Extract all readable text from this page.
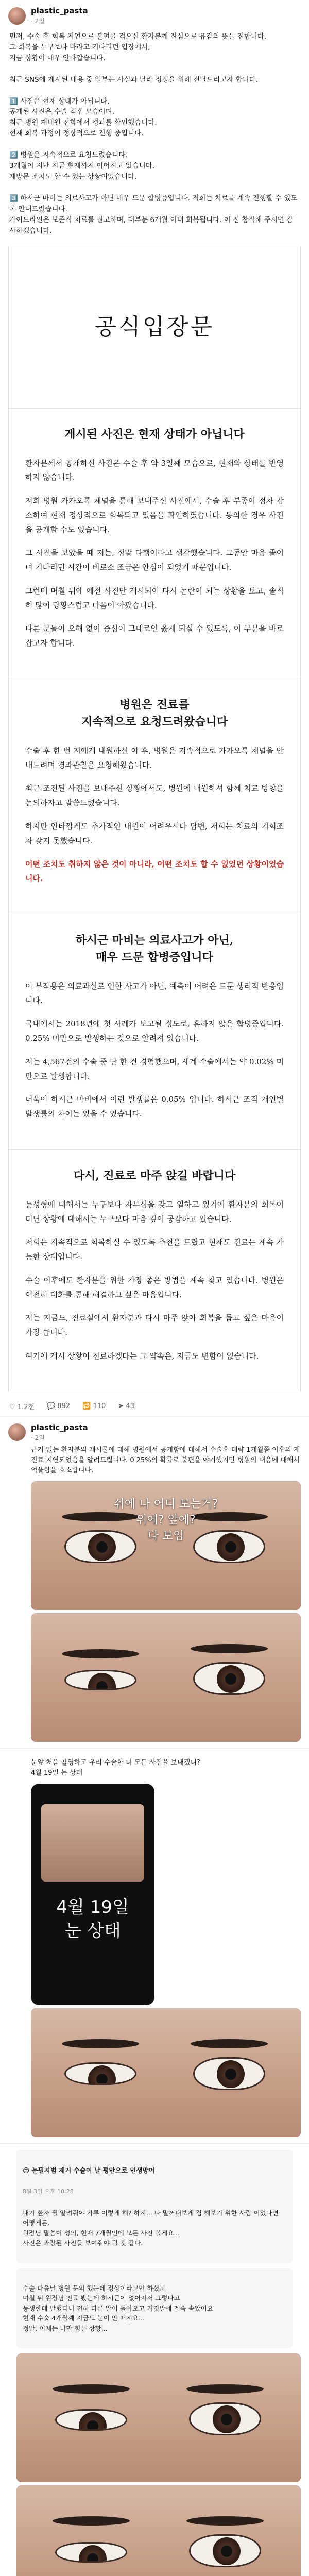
plastic_pasta
· 2일
먼저, 수술 후 회복 지연으로 불편을 겪으신 환자분께 진심으로 유감의 뜻을 전합니다.
그 회복을 누구보다 바라고 기다리던 입장에서,
지금 상황이 매우 안타깝습니다.

최근 SNS에 게시된 내용 중 일부는 사실과 달라 정정을 위해 전달드리고자 합니다.

1️⃣ 사진은 현재 상태가 아닙니다.
공개된 사진은 수술 직후 모습이며,
최근 병원 재내원 전화에서 경과를 확인했습니다.
현재 회복 과정이 정상적으로 진행 중입니다.

2️⃣ 병원은 지속적으로 요청드렸습니다.
3개월이 지난 지금 현재까지 이어지고 있습니다.
재방문 조치도 할 수 있는 상황이었습니다.

3️⃣ 하시근 마비는 의료사고가 아닌 매우 드문 합병증입니다. 저희는 치료를 계속 진행할 수 있도록 안내드렸습니다.
가이드라인은 보존적 치료를 권고하며, 대부분 6개월 이내 회복됩니다. 이 점 참작해 주시면 감사하겠습니다.
공식입장문
게시된 사진은 현재 상태가 아닙니다

환자분께서 공개하신 사진은 수술 후 약 3일째 모습으로, 현재와 상태를 반영하지 않습니다.

저희 병원 카카오톡 채널을 통해 보내주신 사진에서, 수술 후 부종이 점차 감소하여 현재 정상적으로 회복되고 있음을 확인하였습니다. 동의한 경우 사진을 공개할 수도 있습니다.

그 사진을 보았을 때 저는, 정말 다행이라고 생각했습니다. 그동안 마음 졸이며 기다리던 시간이 비로소 조금은 안심이 되었기 때문입니다.

그런데 며칠 뒤에 예전 사진만 게시되어 다시 논란이 되는 상황을 보고, 솔직히 많이 당황스럽고 마음이 아팠습니다.

다른 분들이 오해 없이 중심이 그대로인 옳게 되실 수 있도록, 이 부분을 바로잡고자 합니다.

병원은 진료를
지속적으로 요청드려왔습니다

수술 후 한 번 저에게 내원하신 이 후, 병원은 지속적으로 카카오톡 채널을 안내드려며 경과관찰을 요청해왔습니다.

최근 조전된 사진을 보내주신 상황에서도, 병원에 내원하셔 함께 치료 방향을 논의하자고 말씀드렸습니다.

하지만 안타깝게도 추가적인 내원이 어려우시다 답변, 저희는 치료의 기회조차 갖지 못했습니다.

어떤 조치도 취하지 않은 것이 아니라, 어떤 조치도 할 수 없었던 상황이었습니다.

하시근 마비는 의료사고가 아닌,
매우 드문 합병증입니다

이 부작용은 의료과실로 인한 사고가 아닌, 예측이 어려운 드문 생리적 반응입니다.

국내에서는 2018년에 첫 사례가 보고될 정도로, 흔하지 않은 합병증입니다. 0.25% 미만으로 발생하는 것으로 알려져 있습니다.

저는 4,567건의 수술 중 단 한 건 경험했으며, 세계 수술에서는 약 0.02% 미만으로 발생합니다.

더욱이 하시근 마비에서 이런 발생률은 0.05% 입니다. 하시근 조직 개인별 발생률의 차이는 있을 수 있습니다.

다시, 진료로 마주 앉길 바랍니다

눈성형에 대해서는 누구보다 자부심을 갖고 일하고 있기에 환자분의 회복이 더딘 상황에 대해서는 누구보다 마음 깊이 공감하고 있습니다.

저희는 지속적으로 회복하실 수 있도록 추천을 드렸고 현재도 진료는 계속 가능한 상태입니다.

수술 이후에도 환자분을 위한 가장 좋은 방법을 계속 찾고 있습니다. 병원은 여전히 대화를 통해 해결하고 싶은 마음입니다.

저는 지금도, 진료실에서 환자분과 다시 마주 앉아 회복을 돕고 싶은 마음이 가장 큽니다.

여기에 게시 상황이 진료하겠다는 그 약속은, 지금도 변함이 없습니다.

♡ 1.2천 💬 892 🔁 110 ➤ 43
plastic_pasta
· 2일
근거 없는 환자분의 게시물에 대해 병원에서 공개함에 대해서 수술후 대략 1개월쯤 이후의 재진료 지연되었음을 알려드립니다. 0.25%의 확률로 불편을 야기했지만 병원의 대응에 대해서 억울함을 호소합니다.
쉬에 나 어디 보는거?
위에? 앞에?
다 보임
눈앞 처음 촬영하고 우리 수술한 너 모든 사진을 보내겠니?
4월 19일 눈 상태
4월 19일
눈 상태

😢 눈필지범 제거 수술이 날 평안으로 인생망어

8월 3일 오후 10:28

내가 환자 뭘 알려줘야 가루 이렇게 해? 하지... 나 말꺼내보게 짐 해보기 위한 사람 이었다면 어떻게든.
원장님 말씀이 성의, 현재 7개월인데 모든 사진 볼게요...
사진은 과장된 사진들 보여줘야 될 것 같다.

수술 다음날 병원 문의 했는데 정상이라고만 하셨고
며칠 뒤 원장님 진료 봤는데 하시근이 없어져서 그렇다고
동생한테 말했더니 전혀 다른 말이 돌아오고 거짓말에 계속 속았어요
현재 수술 4개월째 지금도 눈이 안 떠져요...
정말, 이제는 나만 힘든 상황...
